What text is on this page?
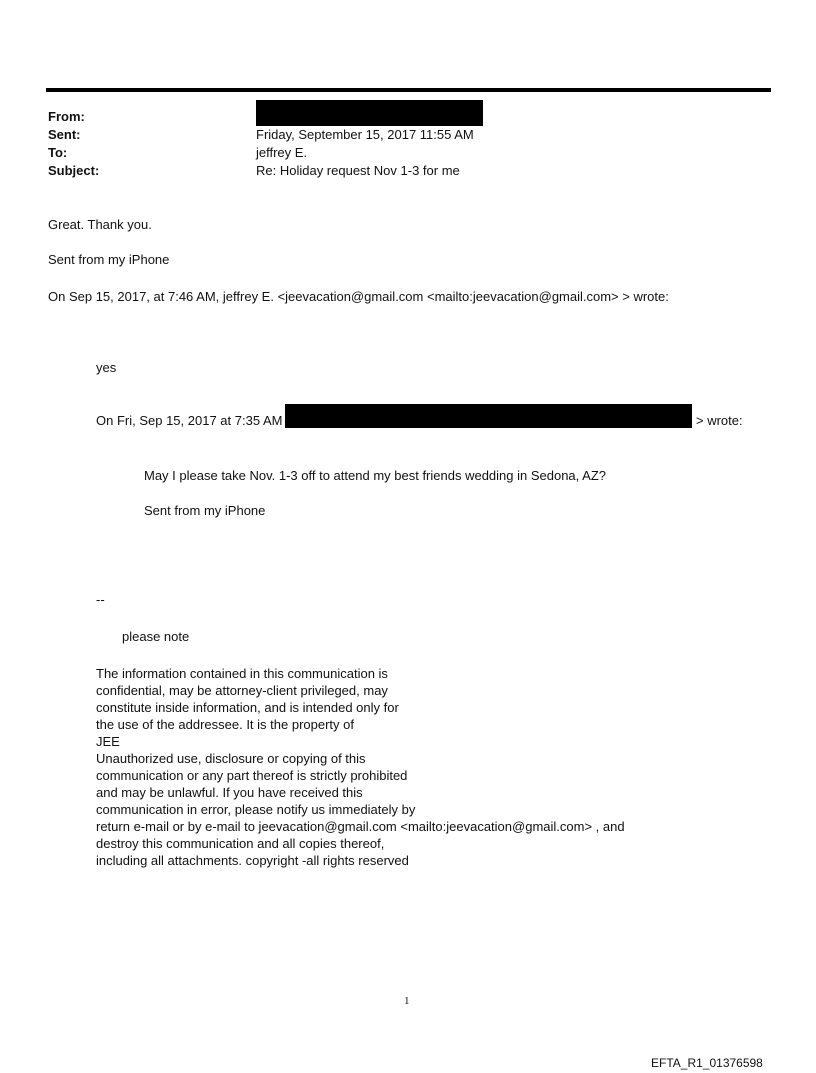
From:
Sent:	Friday, September 15, 2017 11:55 AM
To:	jeffrey E.
Subject:	Re: Holiday request Nov 1-3 for me
Great. Thank you.
Sent from my iPhone
On Sep 15, 2017, at 7:46 AM, jeffrey E. <jeevacation@gmail.com <mailto:jeevacation@gmail.com> > wrote:
yes
On Fri, Sep 15, 2017 at 7:35 AM	> wrote:
May I please take Nov. 1-3 off to attend my best friends wedding in Sedona, AZ?
Sent from my iPhone
--
please note
The information contained in this communication is
confidential, may be attorney-client privileged, may
constitute inside information, and is intended only for
the use of the addressee. It is the property of
JEE
Unauthorized use, disclosure or copying of this
communication or any part thereof is strictly prohibited
and may be unlawful. If you have received this
communication in error, please notify us immediately by
return e-mail or by e-mail to jeevacation@gmail.com <mailto:jeevacation@gmail.com> , and
destroy this communication and all copies thereof,
including all attachments. copyright -all rights reserved
1
EFTA_R1_01376598
